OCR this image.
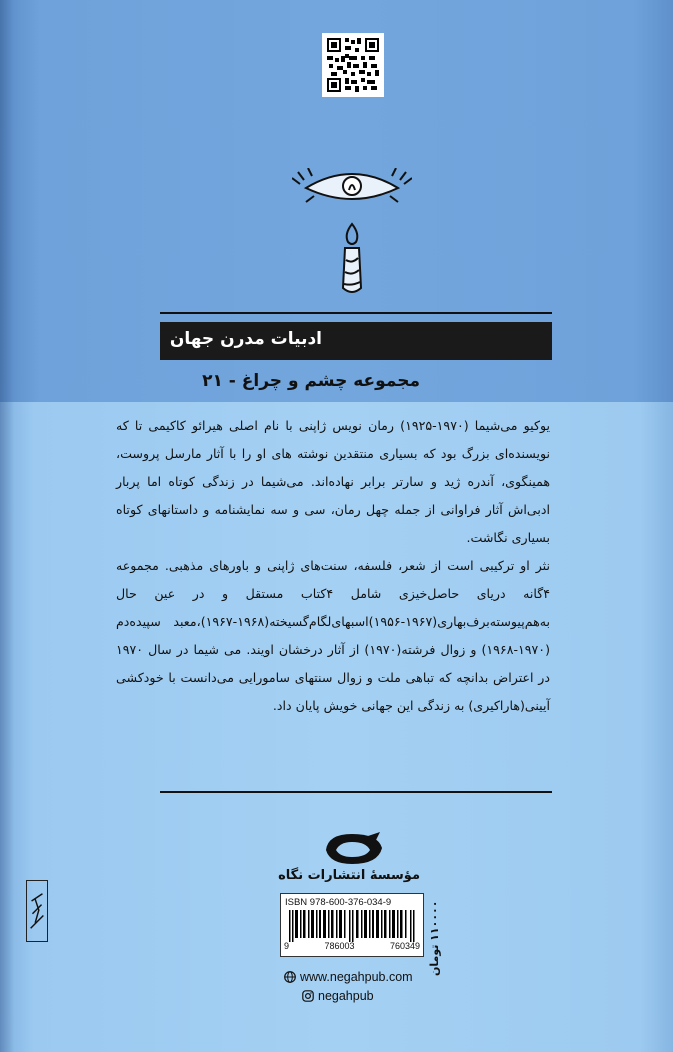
ادبیات مدرن جهان
مجموعه چشم و چراغ - ۲۱

یوکیو می‌شیما (۱۹۷۰-۱۹۲۵) رمان نویس ژاپنی با نام اصلی هیرائو کاکیمی تا که نویسنده‌ای بزرگ بود که بسیاری منتقدین نوشته های او را با آثار مارسل پروست، همینگوی، آندره ژید و سارتر برابر نهاده‌اند. می‌شیما در زندگی کوتاه اما پربار ادبی‌اش آثار فراوانی از جمله چهل رمان، سی و سه نمایشنامه و داستانهای کوتاه بسیاری نگاشت.

نثر او ترکیبی است از شعر، فلسفه، سنت‌های ژاپنی و باورهای مذهبی. مجموعه ۴گانه دریای حاصل‌خیزی شامل ۴کتاب مستقل و در عین حال به‌هم‌پیوسته‌برف‌بهاری(۱۹۶۷-۱۹۵۶)اسبهای‌لگام‌گسیخته(۱۹۶۸-۱۹۶۷)،معبد سپیده‌دم (۱۹۷۰-۱۹۶۸) و زوال فرشته(۱۹۷۰) از آثار درخشان اویند. می شیما در سال ۱۹۷۰ در اعتراض بدانچه که تباهی ملت و زوال سنتهای سامورایی می‌دانست با خودکشی آیینی(هاراکیری) به زندگی این جهانی خویش پایان داد.

مؤسسهٔ انتشارات نگاه
ISBN 978-600-376-034-9
9	786003	760349 ۱۱۰۰۰۰ تومان
www.negahpub.com
negahpub
